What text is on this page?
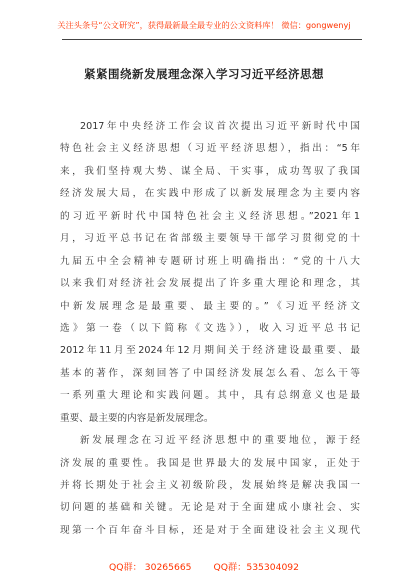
关注头条号“公文研究”，获得最新最全最专业的公文资料库！ 微信：gongwenyj
紧紧围绕新发展理念深入学习习近平经济思想
2017年中央经济工作会议首次提出习近平新时代中国
特色社会主义经济思想（习近平经济思想），指出：“5年
来，我们坚持观大势、谋全局、干实事，成功驾驭了我国
经济发展大局，在实践中形成了以新发展理念为主要内容
的习近平新时代中国特色社会主义经济思想。”2021年1
月，习近平总书记在省部级主要领导干部学习贯彻党的十
九届五中全会精神专题研讨班上明确指出：“党的十八大
以来我们对经济社会发展提出了许多重大理论和理念，其
中新发展理念是最重要、最主要的。”《习近平经济文
选》第一卷（以下简称《文选》），收入习近平总书记
2012年11月至2024年12月期间关于经济建设最重要、最
基本的著作，深刻回答了中国经济发展怎么看、怎么干等
一系列重大理论和实践问题。其中，具有总纲意义也是最
重要、最主要的内容是新发展理念。
新发展理念在习近平经济思想中的重要地位，源于经
济发展的重要性。我国是世界最大的发展中国家，正处于
并将长期处于社会主义初级阶段，发展始终是解决我国一
切问题的基础和关键。无论是对于全面建成小康社会、实
现第一个百年奋斗目标，还是对于全面建设社会主义现代
QQ群： 30265665 QQ群：535304092
